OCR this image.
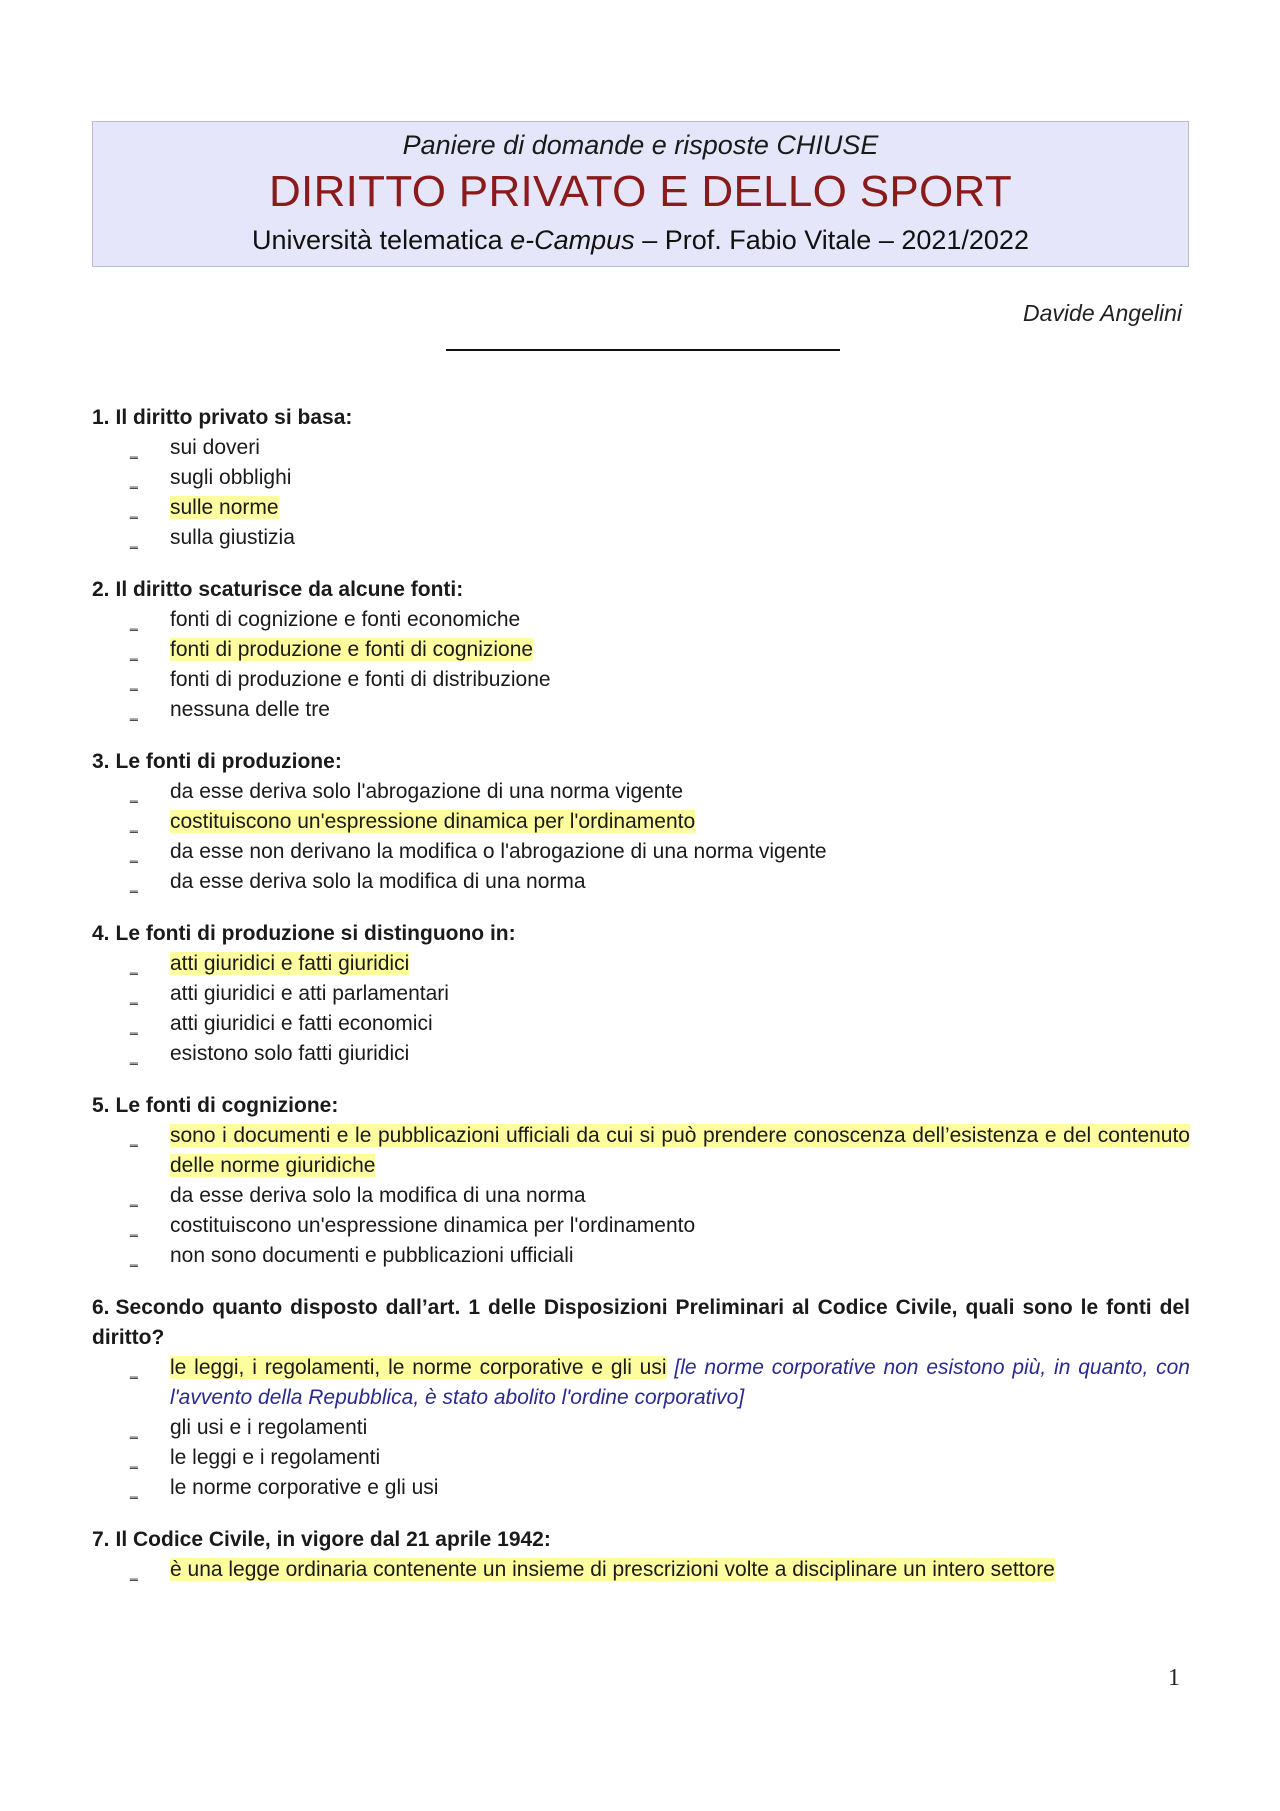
Paniere di domande e risposte CHIUSE
DIRITTO PRIVATO E DELLO SPORT
Università telematica e-Campus – Prof. Fabio Vitale – 2021/2022
Davide Angelini
1. Il diritto privato si basa:
‗ sui doveri
‗ sugli obblighi
‗ sulle norme
‗ sulla giustizia
2. Il diritto scaturisce da alcune fonti:
‗ fonti di cognizione e fonti economiche
‗ fonti di produzione e fonti di cognizione
‗ fonti di produzione e fonti di distribuzione
‗ nessuna delle tre
3. Le fonti di produzione:
‗ da esse deriva solo l'abrogazione di una norma vigente
‗ costituiscono un'espressione dinamica per l'ordinamento
‗ da esse non derivano la modifica o l'abrogazione di una norma vigente
‗ da esse deriva solo la modifica di una norma
4. Le fonti di produzione si distinguono in:
‗ atti giuridici e fatti giuridici
‗ atti giuridici e atti parlamentari
‗ atti giuridici e fatti economici
‗ esistono solo fatti giuridici
5. Le fonti di cognizione:
‗ sono i documenti e le pubblicazioni ufficiali da cui si può prendere conoscenza dell’esistenza e del contenuto delle norme giuridiche
‗ da esse deriva solo la modifica di una norma
‗ costituiscono un'espressione dinamica per l'ordinamento
‗ non sono documenti e pubblicazioni ufficiali
6. Secondo quanto disposto dall’art. 1 delle Disposizioni Preliminari al Codice Civile, quali sono le fonti del diritto?
‗ le leggi, i regolamenti, le norme corporative e gli usi [le norme corporative non esistono più, in quanto, con l'avvento della Repubblica, è stato abolito l'ordine corporativo]
‗ gli usi e i regolamenti
‗ le leggi e i regolamenti
‗ le norme corporative e gli usi
7. Il Codice Civile, in vigore dal 21 aprile 1942:
‗ è una legge ordinaria contenente un insieme di prescrizioni volte a disciplinare un intero settore
1
